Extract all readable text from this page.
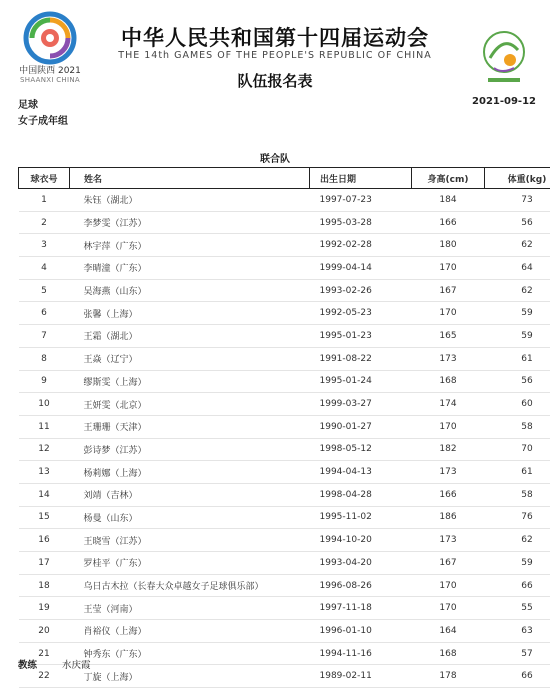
中国陕西 2021
SHAANXI CHINA
中华人民共和国第十四届运动会
THE 14th GAMES OF THE PEOPLE'S REPUBLIC OF CHINA
队伍报名表
足球	2021-09-12
女子成年组
联合队
球衣号	姓名	出生日期	身高(cm)	体重(kg)
1	朱钰（湖北）	1997-07-23	184	73
2	李梦雯（江苏）	1995-03-28	166	56
3	林宇萍（广东）	1992-02-28	180	62
4	李晴潼（广东）	1999-04-14	170	64
5	吴海燕（山东）	1993-02-26	167	62
6	张馨（上海）	1992-05-23	170	59
7	王霜（湖北）	1995-01-23	165	59
8	王焱（辽宁）	1991-08-22	173	61
9	缪斯雯（上海）	1995-01-24	168	56
10	王妍雯（北京）	1999-03-27	174	60
11	王珊珊（天津）	1990-01-27	170	58
12	彭诗梦（江苏）	1998-05-12	182	70
13	杨莉娜（上海）	1994-04-13	173	61
14	刘靖（吉林）	1998-04-28	166	58
15	杨曼（山东）	1995-11-02	186	76
16	王晓雪（江苏）	1994-10-20	173	62
17	罗桂平（广东）	1993-04-20	167	59
18	乌日古木拉（长春大众卓越女子足球俱乐部）	1996-08-26	170	66
19	王莹（河南）	1997-11-18	170	55
20	肖裕仪（上海）	1996-01-10	164	63
21	钟秀东（广东）	1994-11-16	168	57
22	丁旋（上海）	1989-02-11	178	66
教练	水庆霞
